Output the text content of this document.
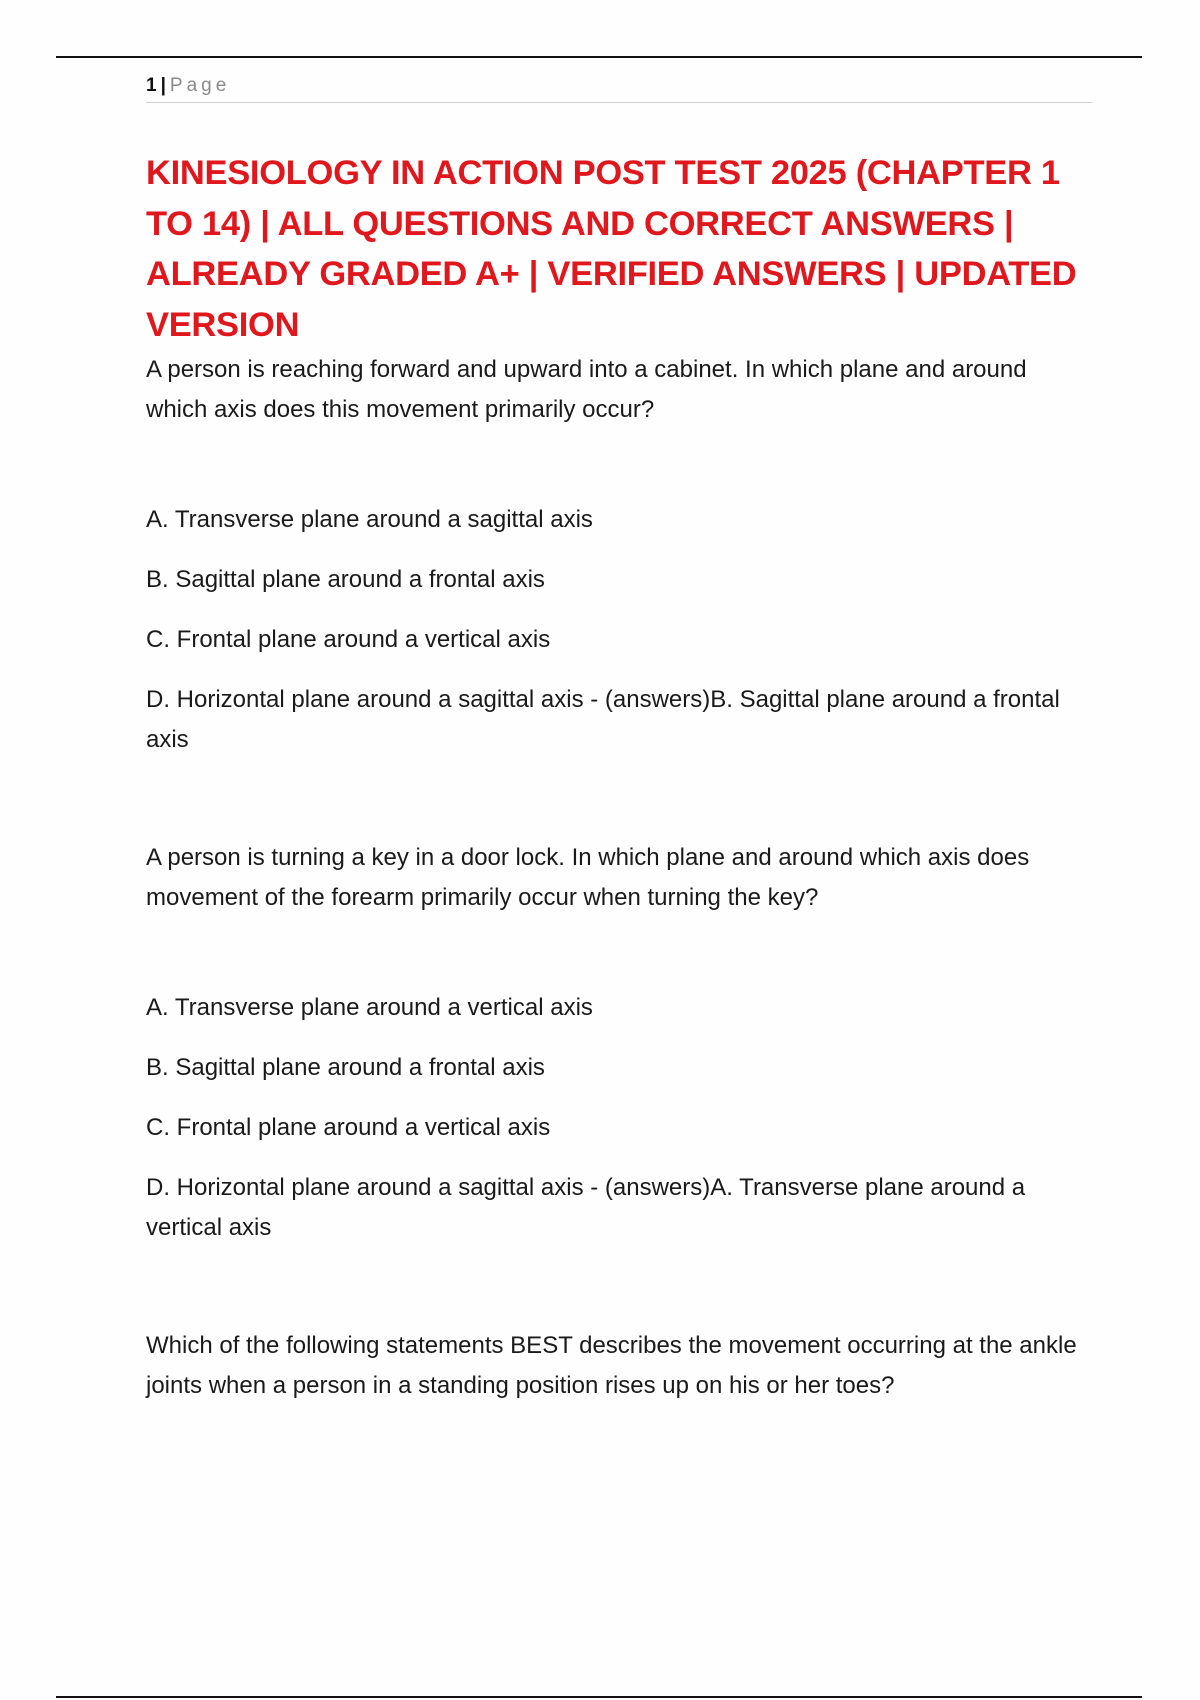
1 | Page
KINESIOLOGY IN ACTION POST TEST 2025 (CHAPTER 1 TO 14) | ALL QUESTIONS AND CORRECT ANSWERS | ALREADY GRADED A+ | VERIFIED ANSWERS | UPDATED VERSION

A person is reaching forward and upward into a cabinet. In which plane and around which axis does this movement primarily occur?

A. Transverse plane around a sagittal axis

B. Sagittal plane around a frontal axis

C. Frontal plane around a vertical axis

D. Horizontal plane around a sagittal axis - (answers)B. Sagittal plane around a frontal axis

A person is turning a key in a door lock. In which plane and around which axis does movement of the forearm primarily occur when turning the key?

A. Transverse plane around a vertical axis

B. Sagittal plane around a frontal axis

C. Frontal plane around a vertical axis

D. Horizontal plane around a sagittal axis - (answers)A. Transverse plane around a vertical axis

Which of the following statements BEST describes the movement occurring at the ankle joints when a person in a standing position rises up on his or her toes?
